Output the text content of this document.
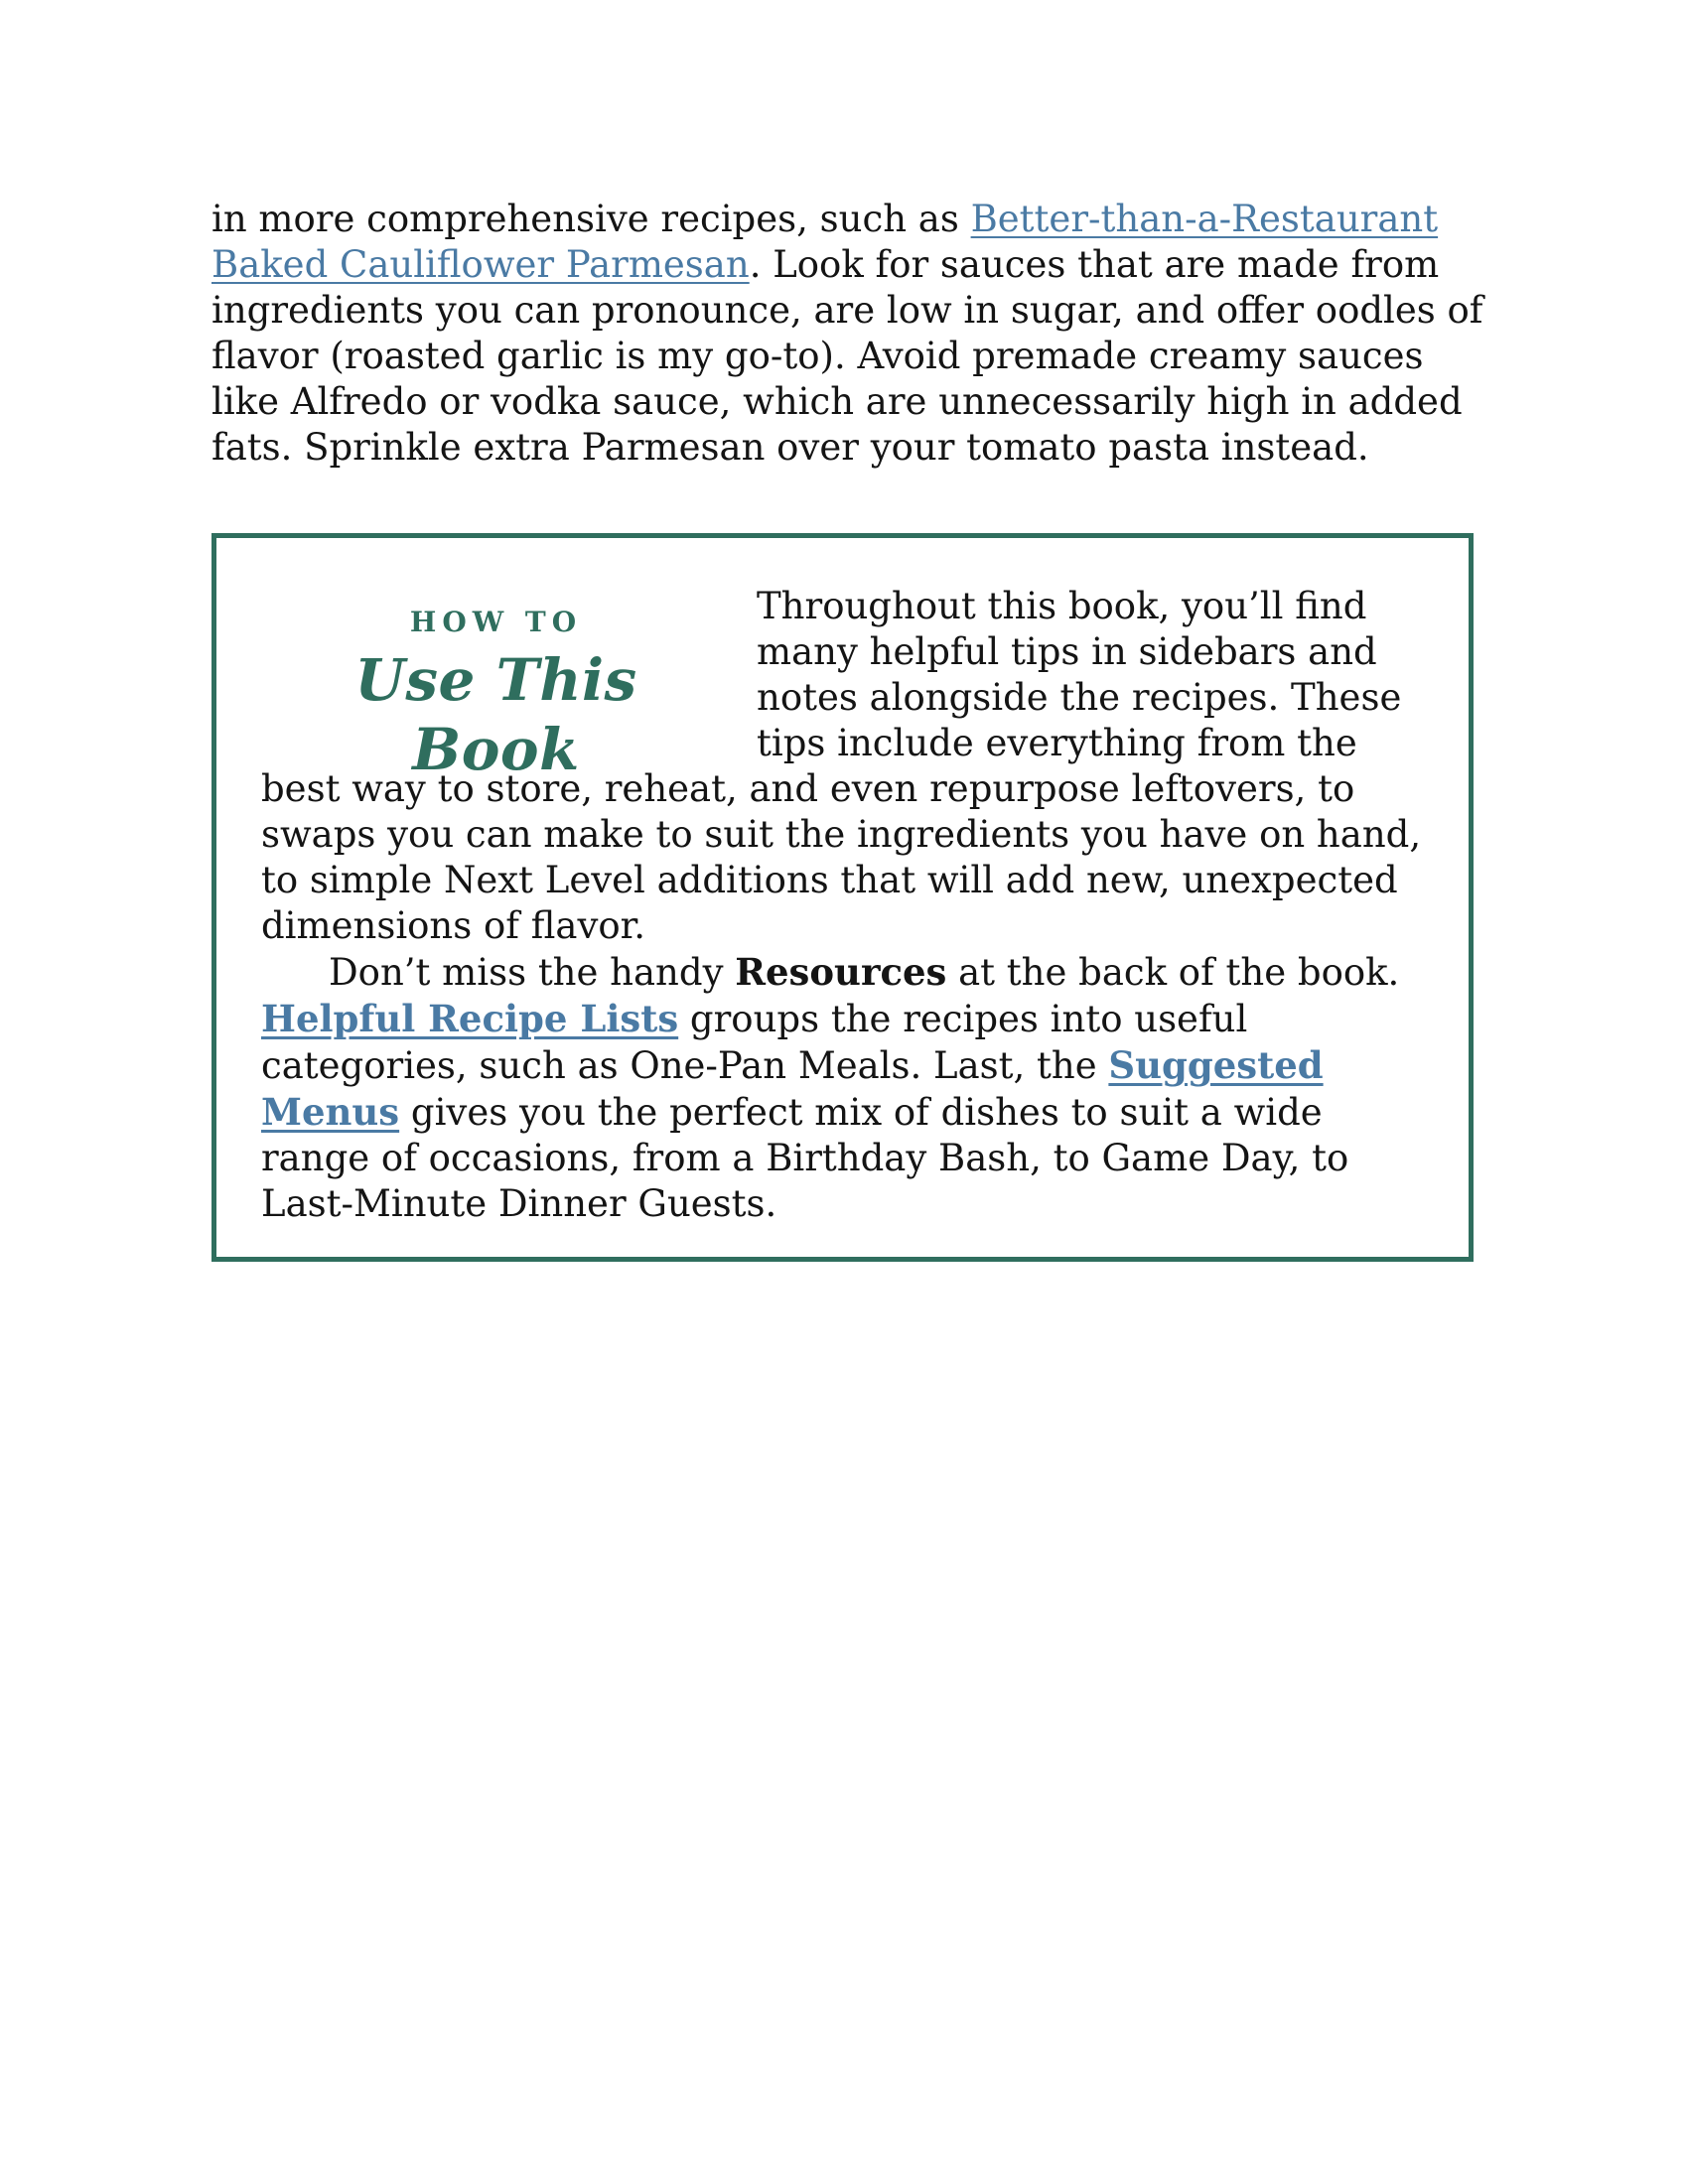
in more comprehensive recipes, such as Better-than-a-Restaurant Baked Cauliflower Parmesan. Look for sauces that are made from ingredients you can pronounce, are low in sugar, and offer oodles of flavor (roasted garlic is my go-to). Avoid premade creamy sauces like Alfredo or vodka sauce, which are unnecessarily high in added fats. Sprinkle extra Parmesan over your tomato pasta instead.

HOW TO
Use This Book

Throughout this book, you’ll find many helpful tips in sidebars and notes alongside the recipes. These tips include everything from the best way to store, reheat, and even repurpose leftovers, to swaps you can make to suit the ingredients you have on hand, to simple Next Level additions that will add new, unexpected dimensions of flavor.

Don’t miss the handy Resources at the back of the book. Helpful Recipe Lists groups the recipes into useful categories, such as One-Pan Meals. Last, the Suggested Menus gives you the perfect mix of dishes to suit a wide range of occasions, from a Birthday Bash, to Game Day, to Last-Minute Dinner Guests.
